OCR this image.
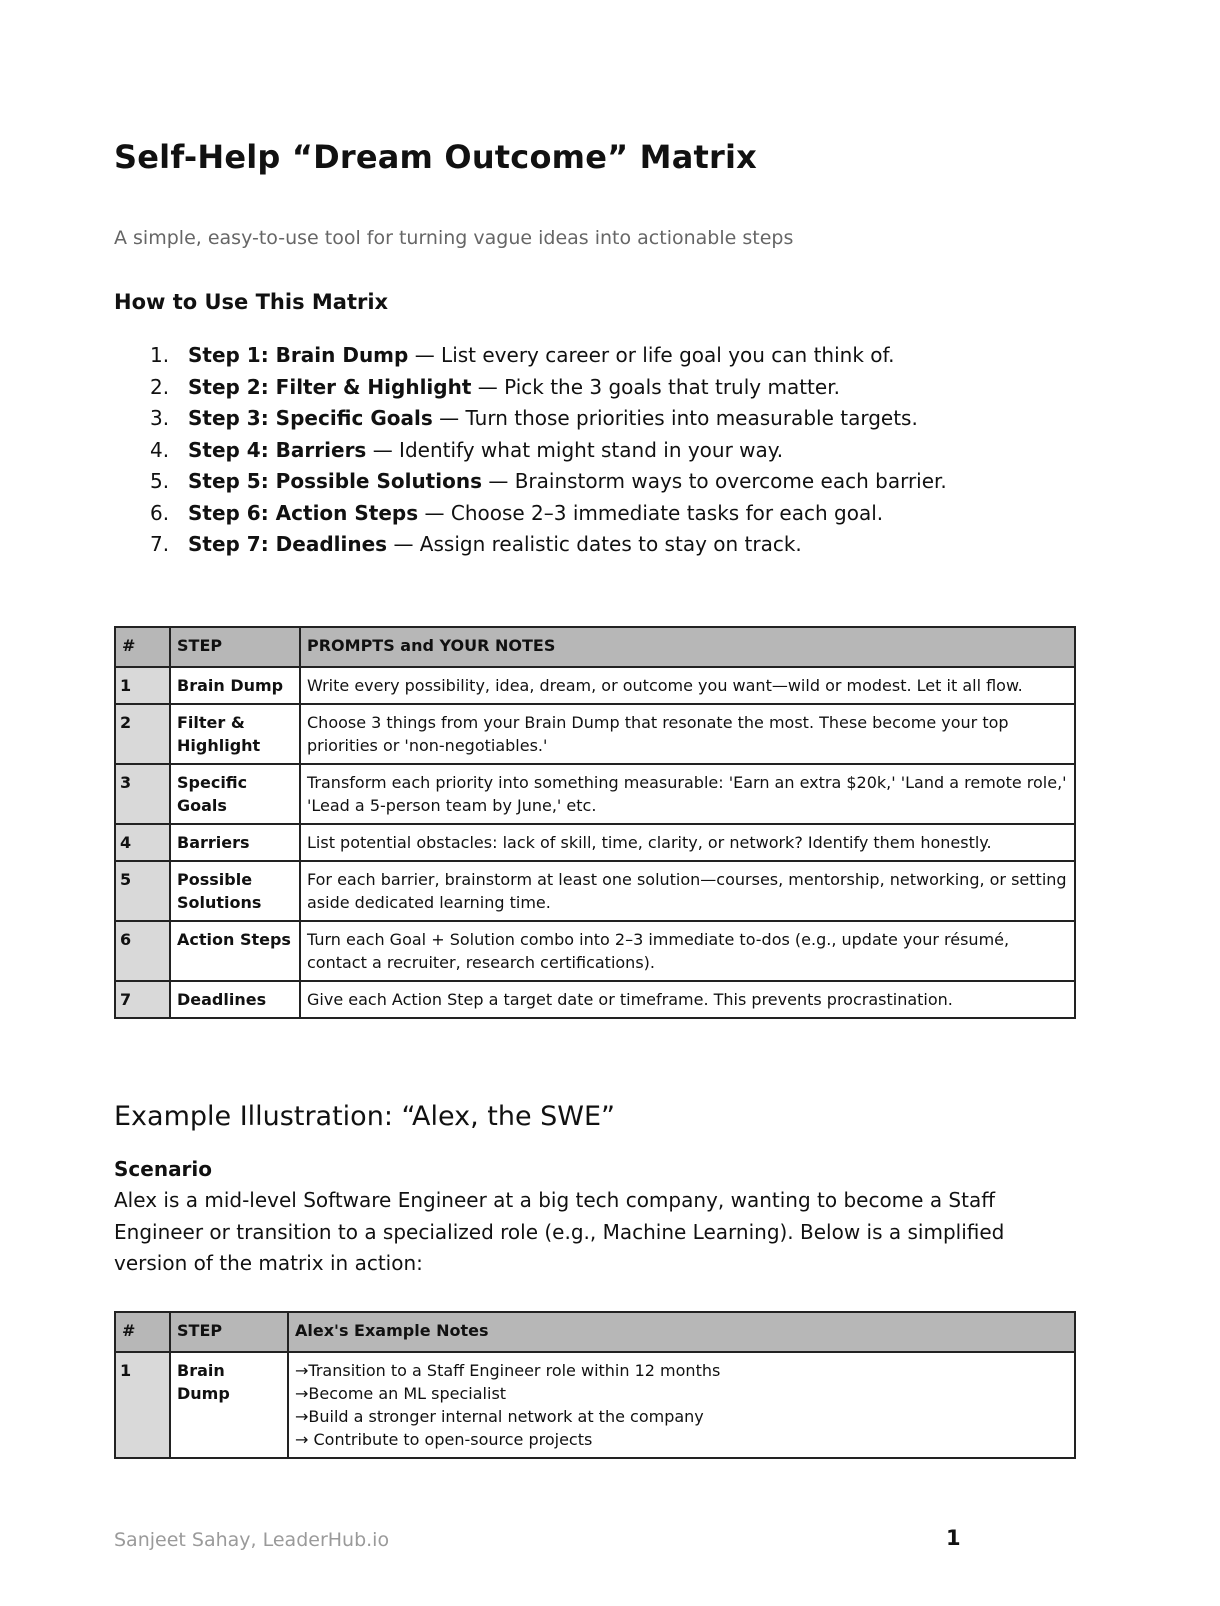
Self-Help “Dream Outcome” Matrix

A simple, easy-to-use tool for turning vague ideas into actionable steps

How to Use This Matrix
1. Step 1: Brain Dump — List every career or life goal you can think of.
2. Step 2: Filter & Highlight — Pick the 3 goals that truly matter.
3. Step 3: Specific Goals — Turn those priorities into measurable targets.
4. Step 4: Barriers — Identify what might stand in your way.
5. Step 5: Possible Solutions — Brainstorm ways to overcome each barrier.
6. Step 6: Action Steps — Choose 2–3 immediate tasks for each goal.
7. Step 7: Deadlines — Assign realistic dates to stay on track.
#	STEP	PROMPTS and YOUR NOTES
1	Brain Dump	Write every possibility, idea, dream, or outcome you want—wild or modest. Let it all flow.
2	Filter & Highlight	Choose 3 things from your Brain Dump that resonate the most. These become your top priorities or 'non-negotiables.'
3	Specific Goals	Transform each priority into something measurable: 'Earn an extra $20k,' 'Land a remote role,' 'Lead a 5-person team by June,' etc.
4	Barriers	List potential obstacles: lack of skill, time, clarity, or network? Identify them honestly.
5	Possible Solutions	For each barrier, brainstorm at least one solution—courses, mentorship, networking, or setting aside dedicated learning time.
6	Action Steps	Turn each Goal + Solution combo into 2–3 immediate to-dos (e.g., update your résumé, contact a recruiter, research certifications).
7	Deadlines	Give each Action Step a target date or timeframe. This prevents procrastination.
Example Illustration: “Alex, the SWE”
Scenario

Alex is a mid-level Software Engineer at a big tech company, wanting to become a Staff Engineer or transition to a specialized role (e.g., Machine Learning). Below is a simplified version of the matrix in action:

#	STEP	Alex's Example Notes
1	Brain Dump	→Transition to a Staff Engineer role within 12 months
→Become an ML specialist
→Build a stronger internal network at the company
→ Contribute to open-source projects
Sanjeet Sahay, LeaderHub.io	1
